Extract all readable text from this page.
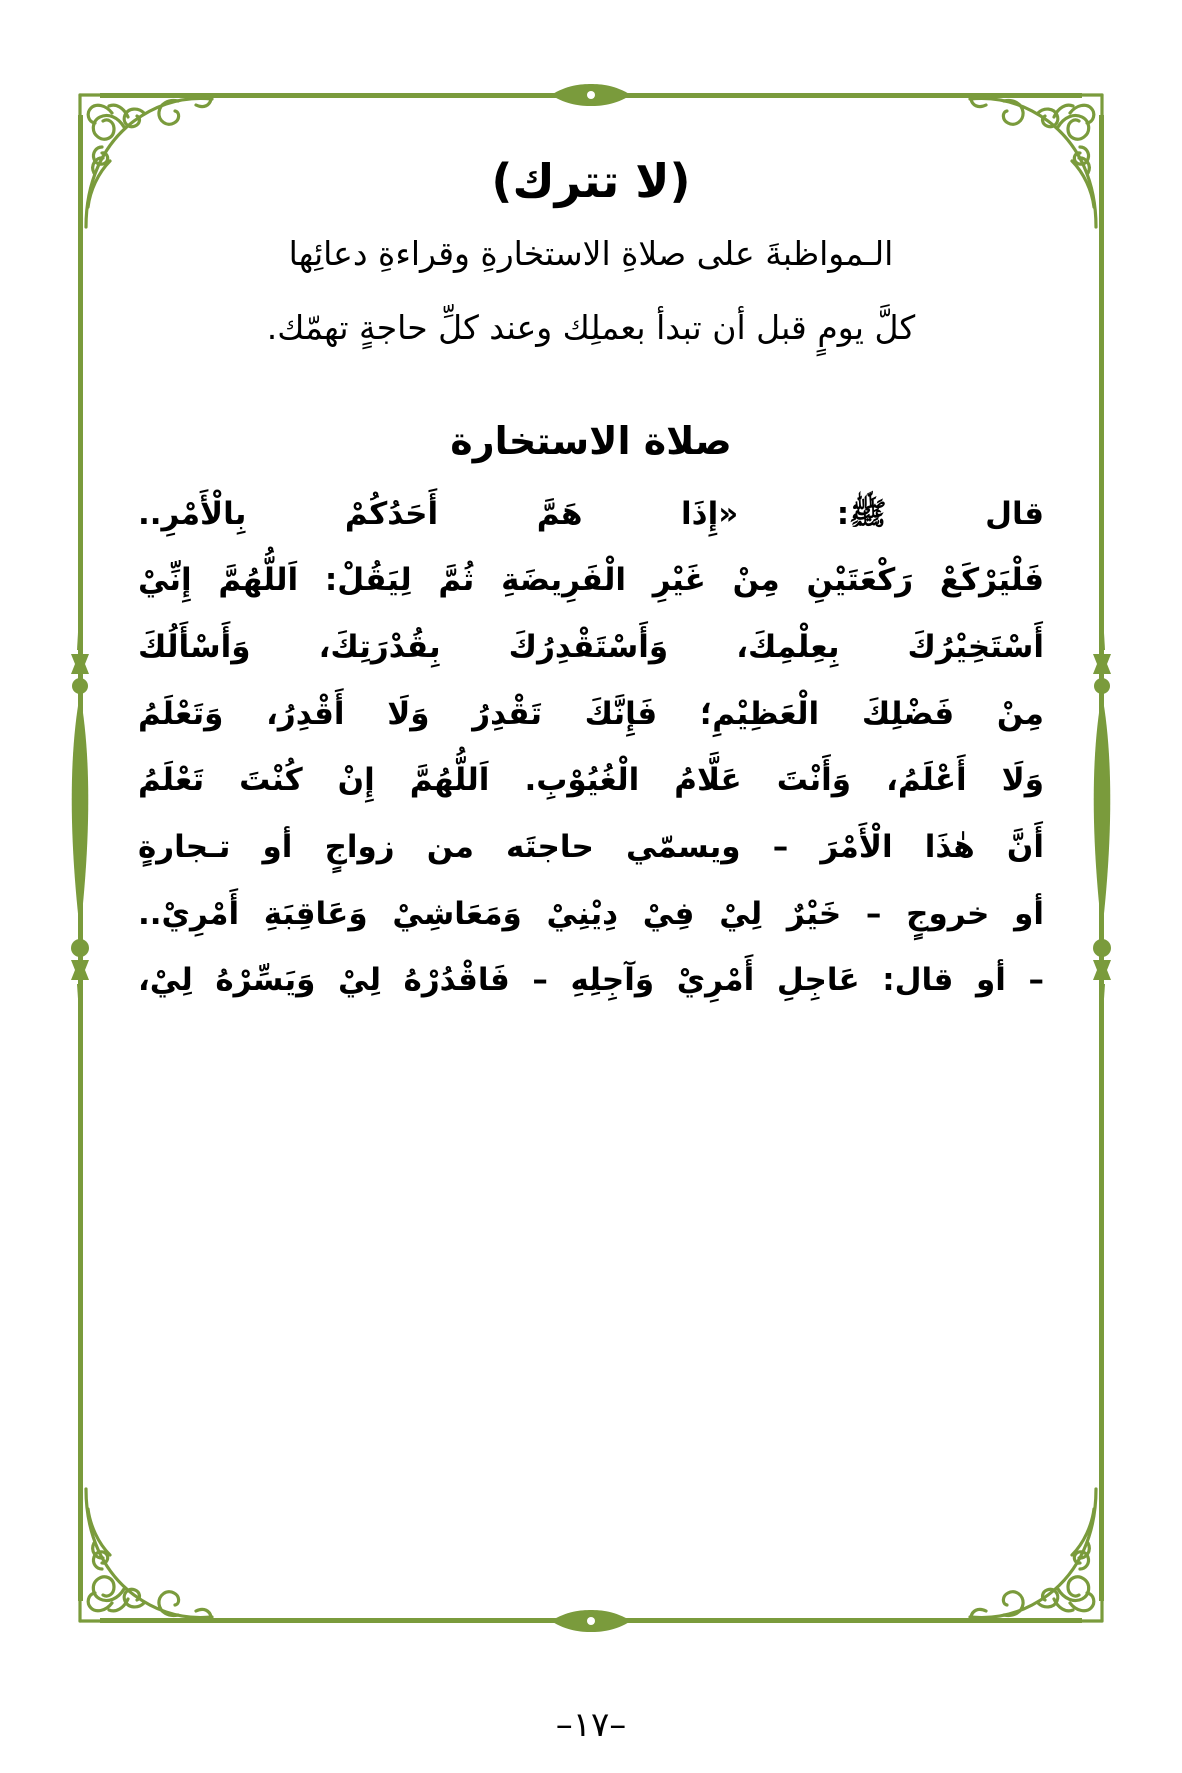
(لا تترك)

الـمواظبةَ على صلاةِ الاستخارةِ وقراءةِ دعائِها

كلَّ يومٍ قبل أن تبدأ بعملِك وعند كلِّ حاجةٍ تهمّك.

صلاة الاستخارة

قال ﷺ: «إِذَا هَمَّ أَحَدُكُمْ بِالْأَمْرِ..

فَلْيَرْكَعْ رَكْعَتَيْنِ مِنْ غَيْرِ الْفَرِيضَةِ ثُمَّ لِيَقُلْ: اَللُّهُمَّ إِنِّيْ

أَسْتَخِيْرُكَ بِعِلْمِكَ، وَأَسْتَقْدِرُكَ بِقُدْرَتِكَ، وَأَسْأَلُكَ

مِنْ فَضْلِكَ الْعَظِيْمِ؛ فَإِنَّكَ تَقْدِرُ وَلَا أَقْدِرُ، وَتَعْلَمُ

وَلَا أَعْلَمُ، وَأَنْتَ عَلَّامُ الْغُيُوْبِ. اَللُّهُمَّ إِنْ كُنْتَ تَعْلَمُ

أَنَّ هٰذَا الْأَمْرَ – ويسمّي حاجتَه من زواجٍ أو تـجارةٍ

أو خروجٍ – خَيْرٌ لِيْ فِيْ دِيْنِيْ وَمَعَاشِيْ وَعَاقِبَةِ أَمْرِيْ..

– أو قال: عَاجِلِ أَمْرِيْ وَآجِلِهِ – فَاقْدُرْهُ لِيْ وَيَسِّرْهُ لِيْ،

–١٧–
